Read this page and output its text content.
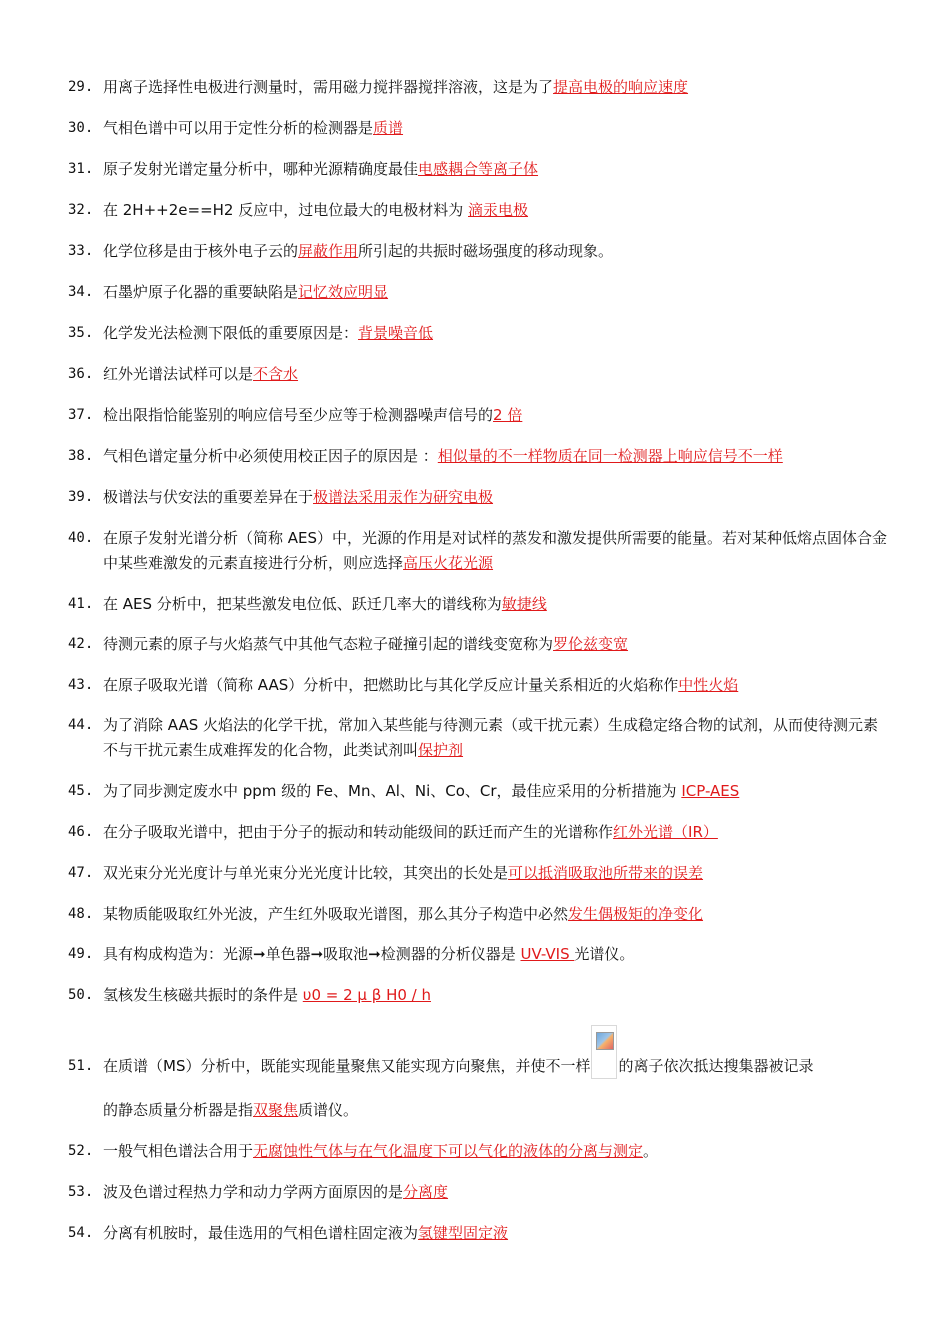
29. 用离子选择性电极进行测量时，需用磁力搅拌器搅拌溶液，这是为了提高电极的响应速度
30. 气相色谱中可以用于定性分析的检测器是质谱
31. 原子发射光谱定量分析中，哪种光源精确度最佳电感耦合等离子体
32. 在 2H++2e==H2 反应中，过电位最大的电极材料为 滴汞电极
33. 化学位移是由于核外电子云的屏蔽作用所引起的共振时磁场强度的移动现象。
34. 石墨炉原子化器的重要缺陷是记忆效应明显
35. 化学发光法检测下限低的重要原因是：背景噪音低
36. 红外光谱法试样可以是不含水
37. 检出限指恰能鉴别的响应信号至少应等于检测器噪声信号的2 倍
38. 气相色谱定量分析中必须使用校正因子的原因是 ：相似量的不一样物质在同一检测器上响应信号不一样
39. 极谱法与伏安法的重要差异在于极谱法采用汞作为研究电极
40. 在原子发射光谱分析（简称 AES）中，光源的作用是对试样的蒸发和激发提供所需要的能量。若对某种低熔点固体合金中某些难激发的元素直接进行分析，则应选择高压火花光源
41. 在 AES 分析中，把某些激发电位低、跃迁几率大的谱线称为敏捷线
42. 待测元素的原子与火焰蒸气中其他气态粒子碰撞引起的谱线变宽称为罗伦兹变宽
43. 在原子吸取光谱（简称 AAS）分析中，把燃助比与其化学反应计量关系相近的火焰称作中性火焰
44. 为了消除 AAS 火焰法的化学干扰，常加入某些能与待测元素（或干扰元素）生成稳定络合物的试剂，从而使待测元素不与干扰元素生成难挥发的化合物，此类试剂叫保护剂
45. 为了同步测定废水中 ppm 级的 Fe、Mn、Al、Ni、Co、Cr，最佳应采用的分析措施为 ICP-AES
46. 在分子吸取光谱中，把由于分子的振动和转动能级间的跃迁而产生的光谱称作红外光谱（IR）
47. 双光束分光光度计与单光束分光光度计比较，其突出的长处是可以抵消吸取池所带来的误差
48. 某物质能吸取红外光波，产生红外吸取光谱图，那么其分子构造中必然发生偶极矩的净变化
49. 具有构成构造为：光源➞单色器➞吸取池➞检测器的分析仪器是 UV-VIS 光谱仪。
50. 氢核发生核磁共振时的条件是 υ0 = 2 μ β H0 / h
51. 在质谱（MS）分析中，既能实现能量聚焦又能实现方向聚焦，并使不一样 的离子依次抵达搜集器被记录
的静态质量分析器是指双聚焦质谱仪。
52. 一般气相色谱法合用于无腐蚀性气体与在气化温度下可以气化的液体的分离与测定。
53. 波及色谱过程热力学和动力学两方面原因的是分离度
54. 分离有机胺时，最佳选用的气相色谱柱固定液为氢键型固定液
